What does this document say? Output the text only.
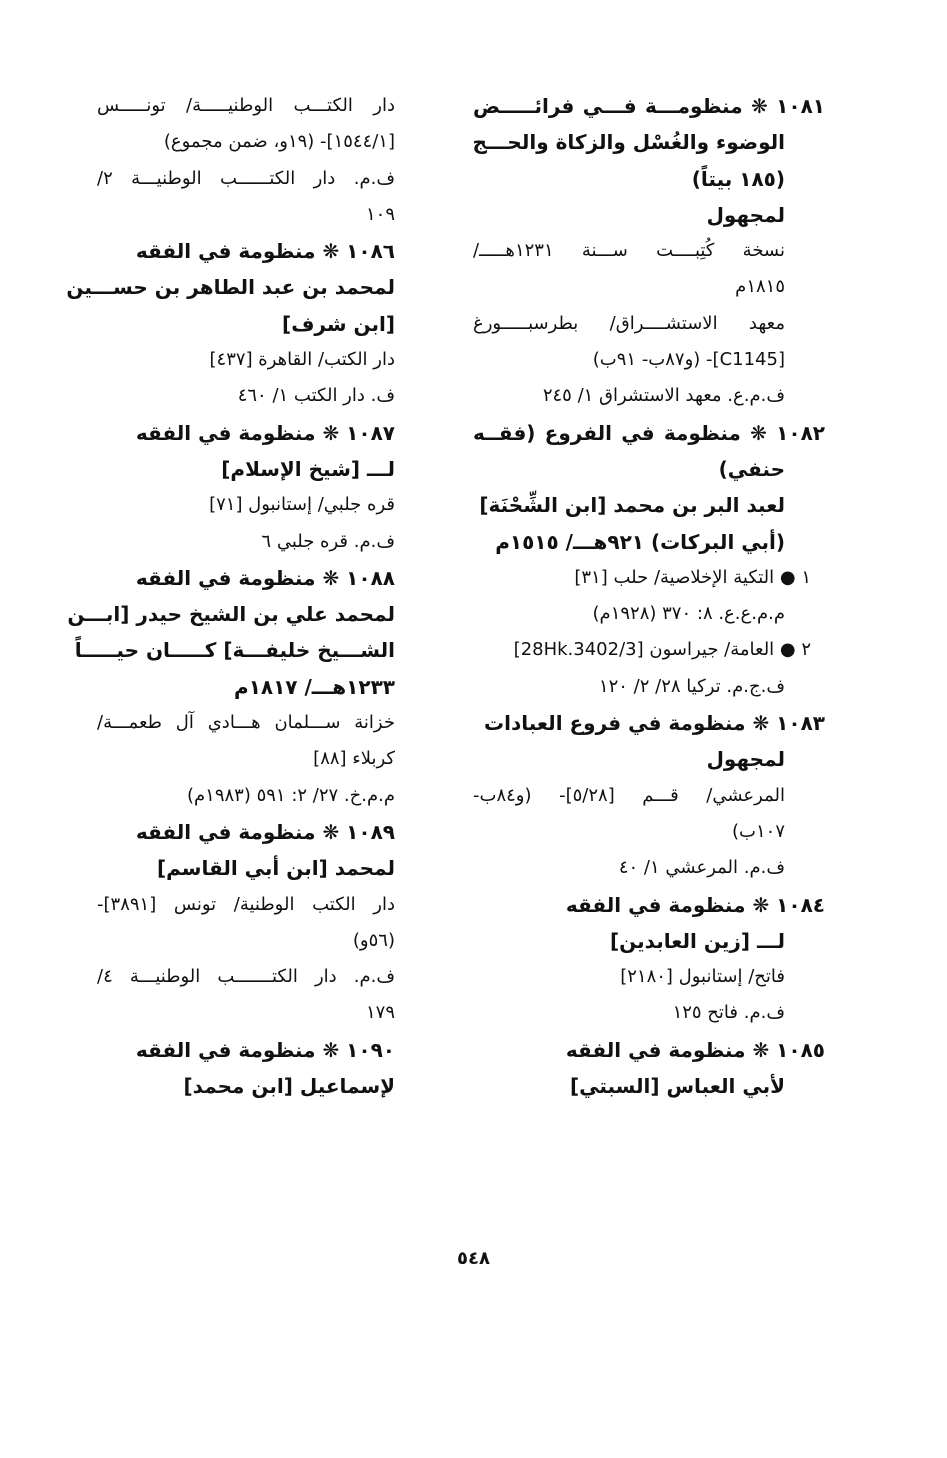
١٠٨١ ❋ منظومـــة فـــي فرائـــــض
الوضوء والغُسْل والزكاة والحـــج
(١٨٥ بيتاً)
لمجهول
نسخة كُتِبــــت ســـنة ١٢٣١هـــــ/
١٨١٥م
معهد الاستشــــراق/ بطرسبـــــورغ
[C1145]- (و٨٧ب- ٩١ب)
ف.م.ع. معهد الاستشراق ١/ ٢٤٥
١٠٨٢ ❋ منظومة في الفروع (فقــه
حنفي)
لعبد البر بن محمد [ابن الشِّحْنَة]
(أبي البركات) ٩٢١هـــ/ ١٥١٥م
١ ● التكية الإخلاصية/ حلب [٣١]
م.م.ع.ع. ٨: ٣٧٠ (١٩٢٨م)
٢ ● العامة/ جيراسون [28Hk.3402/3]
ف.ج.م. تركيا ٢٨/ ٢/ ١٢٠
١٠٨٣ ❋ منظومة في فروع العبادات
لمجهول
المرعشي/ قـــم [٥/٢٨]- (و٨٤ب-
١٠٧ب)
ف.م. المرعشي ١/ ٤٠
١٠٨٤ ❋ منظومة في الفقه
لـــ [زين العابدين]
فاتح/ إستانبول [٢١٨٠]
ف.م. فاتح ١٢٥
١٠٨٥ ❋ منظومة في الفقه
لأبي العباس [السبتي]
دار الكتـــب الوطنيـــــة/ تونـــــس
[١٥٤٤/١]- (١٩و، ضمن مجموع)
ف.م. دار الكتــــــب الوطنيـــة ٢/
١٠٩
١٠٨٦ ❋ منظومة في الفقه
لمحمد بن عبد الطاهر بن حســـين
[ابن شرف]
دار الكتب/ القاهرة [٤٣٧]
ف. دار الكتب ١/ ٤٦٠
١٠٨٧ ❋ منظومة في الفقه
لـــ [شيخ الإسلام]
قره جلبي/ إستانبول [٧١]
ف.م. قره جلبي ٦
١٠٨٨ ❋ منظومة في الفقه
لمحمد علي بن الشيخ حيدر [ابـــن
الشـــيخ خليفـــة] كـــــان حيـــــاً
١٢٣٣هـــ/ ١٨١٧م
خزانة ســـلمان هـــادي آل طعمـــة/
كربلاء [٨٨]
م.م.خ. ٢٧/ ٢: ٥٩١ (١٩٨٣م)
١٠٨٩ ❋ منظومة في الفقه
لمحمد [ابن أبي القاسم]
دار الكتب الوطنية/ تونس [٣٨٩١]-
(٥٦و)
ف.م. دار الكتـــــــب الوطنيـــة ٤/
١٧٩
١٠٩٠ ❋ منظومة في الفقه
لإسماعيل [ابن محمد]
٥٤٨
